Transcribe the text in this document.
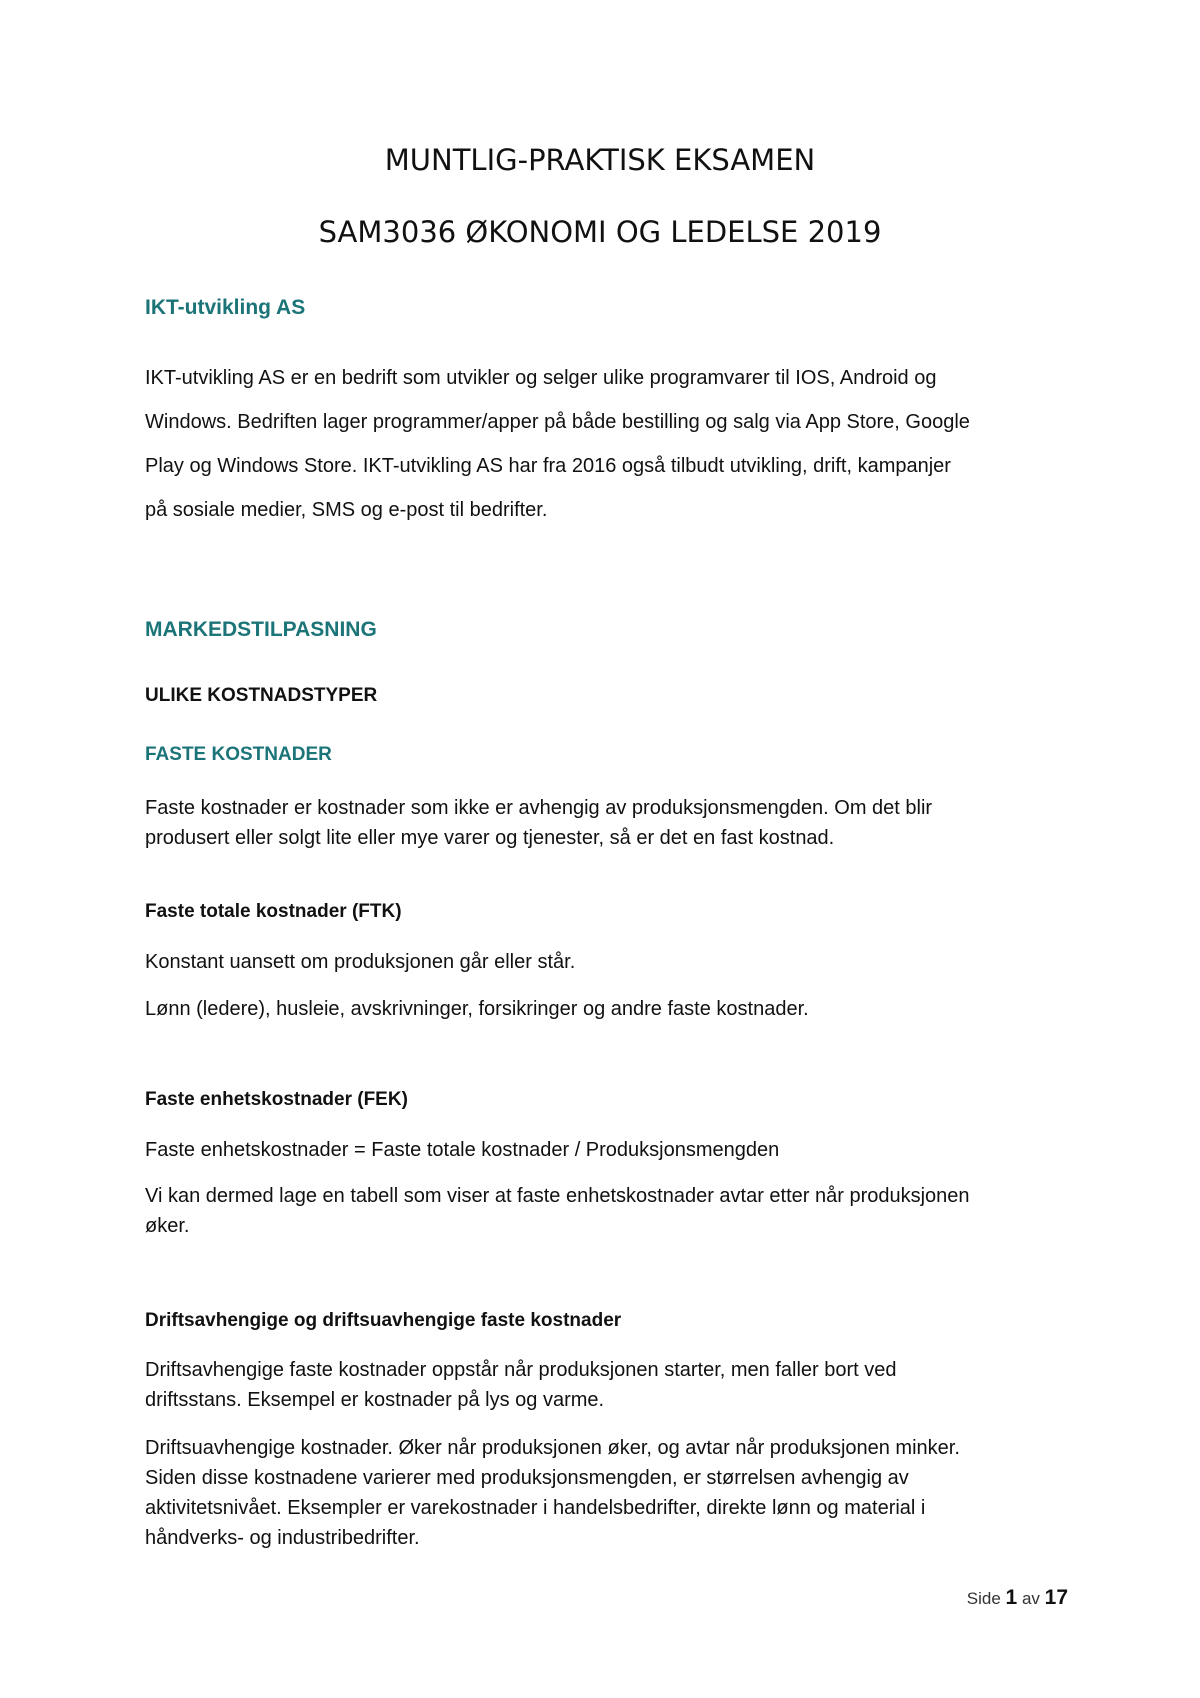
MUNTLIG-PRAKTISK EKSAMEN
SAM3036 ØKONOMI OG LEDELSE 2019
IKT-utvikling AS
IKT-utvikling AS er en bedrift som utvikler og selger ulike programvarer til IOS, Android og
Windows. Bedriften lager programmer/apper på både bestilling og salg via App Store, Google
Play og Windows Store. IKT-utvikling AS har fra 2016 også tilbudt utvikling, drift, kampanjer
på sosiale medier, SMS og e-post til bedrifter.
MARKEDSTILPASNING
ULIKE KOSTNADSTYPER
FASTE KOSTNADER
Faste kostnader er kostnader som ikke er avhengig av produksjonsmengden. Om det blir
produsert eller solgt lite eller mye varer og tjenester, så er det en fast kostnad.
Faste totale kostnader (FTK)

Konstant uansett om produksjonen går eller står.

Lønn (ledere), husleie, avskrivninger, forsikringer og andre faste kostnader.

Faste enhetskostnader (FEK)

Faste enhetskostnader = Faste totale kostnader / Produksjonsmengden

Vi kan dermed lage en tabell som viser at faste enhetskostnader avtar etter når produksjonen
øker.
Driftsavhengige og driftsuavhengige faste kostnader
Driftsavhengige faste kostnader oppstår når produksjonen starter, men faller bort ved
driftsstans. Eksempel er kostnader på lys og varme.
Driftsuavhengige kostnader. Øker når produksjonen øker, og avtar når produksjonen minker.
Siden disse kostnadene varierer med produksjonsmengden, er størrelsen avhengig av
aktivitetsnivået. Eksempler er varekostnader i handelsbedrifter, direkte lønn og material i
håndverks- og industribedrifter.
Side 1 av 17
